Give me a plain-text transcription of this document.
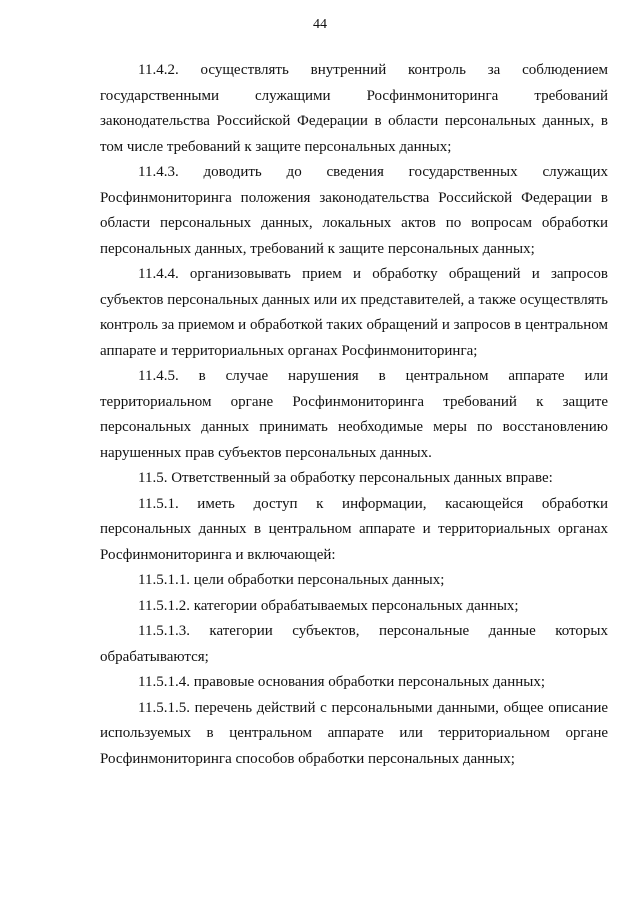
44

11.4.2. осуществлять внутренний контроль за соблюдением государственными служащими Росфинмониторинга требований законодательства Российской Федерации в области персональных данных, в том числе требований к защите персональных данных;

11.4.3. доводить до сведения государственных служащих Росфинмониторинга положения законодательства Российской Федерации в области персональных данных, локальных актов по вопросам обработки персональных данных, требований к защите персональных данных;

11.4.4. организовывать прием и обработку обращений и запросов субъектов персональных данных или их представителей, а также осуществлять контроль за приемом и обработкой таких обращений и запросов в центральном аппарате и территориальных органах Росфинмониторинга;

11.4.5. в случае нарушения в центральном аппарате или территориальном органе Росфинмониторинга требований к защите персональных данных принимать необходимые меры по восстановлению нарушенных прав субъектов персональных данных.

11.5. Ответственный за обработку персональных данных вправе:

11.5.1. иметь доступ к информации, касающейся обработки персональных данных в центральном аппарате и территориальных органах Росфинмониторинга и включающей:

11.5.1.1. цели обработки персональных данных;

11.5.1.2. категории обрабатываемых персональных данных;

11.5.1.3. категории субъектов, персональные данные которых обрабатываются;

11.5.1.4. правовые основания обработки персональных данных;

11.5.1.5. перечень действий с персональными данными, общее описание используемых в центральном аппарате или территориальном органе Росфинмониторинга способов обработки персональных данных;
